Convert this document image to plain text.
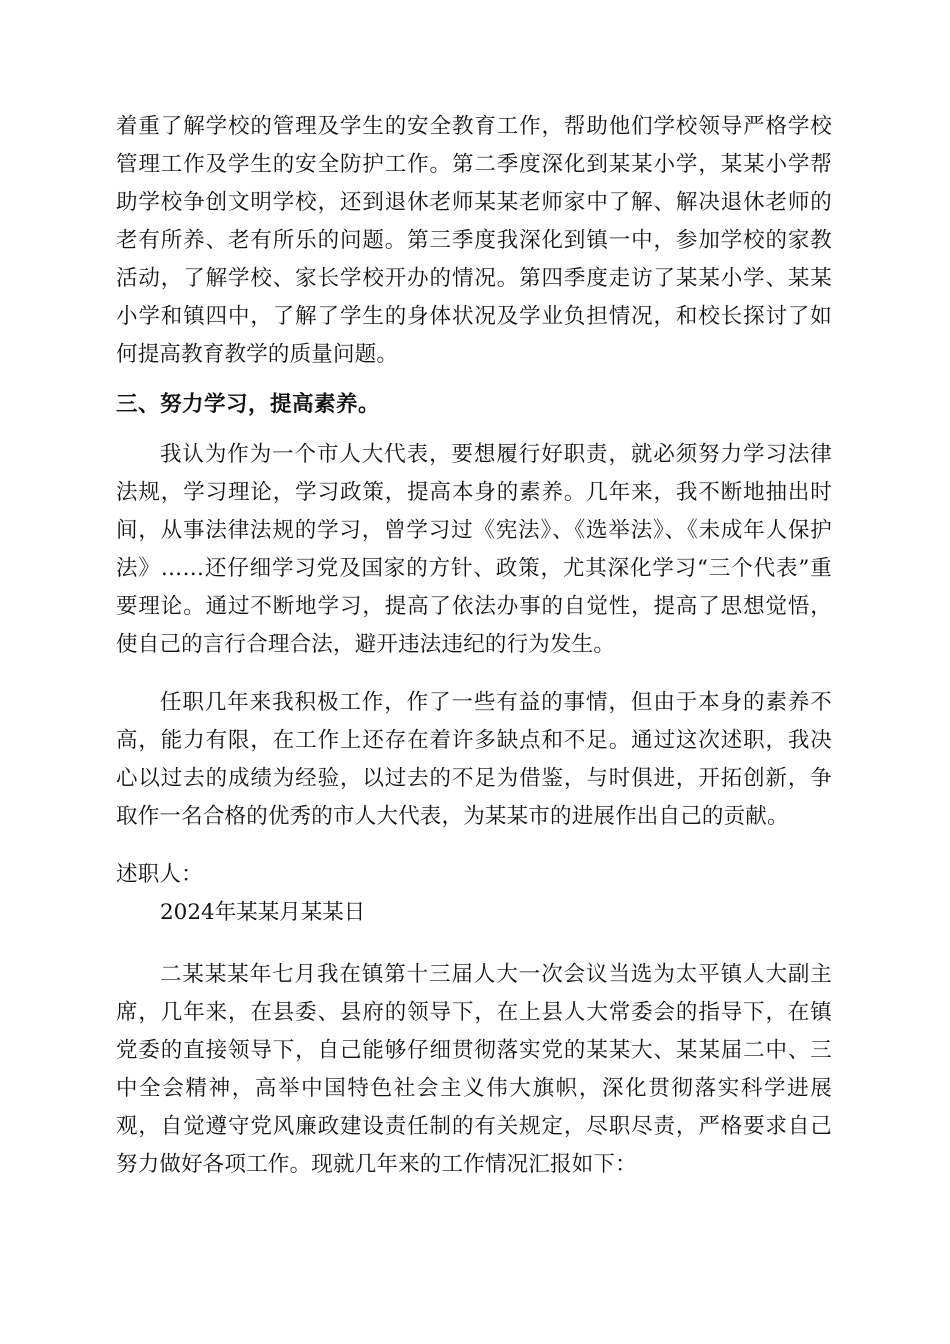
着重了解学校的管理及学生的安全教育工作，帮助他们学校领导严格学校管理工作及学生的安全防护工作。第二季度深化到某某小学，某某小学帮助学校争创文明学校，还到退休老师某某老师家中了解、解决退休老师的老有所养、老有所乐的问题。第三季度我深化到镇一中，参加学校的家教活动，了解学校、家长学校开办的情况。第四季度走访了某某小学、某某小学和镇四中，了解了学生的身体状况及学业负担情况，和校长探讨了如何提高教育教学的质量问题。

三、努力学习，提高素养。

我认为作为一个市人大代表，要想履行好职责，就必须努力学习法律法规，学习理论，学习政策，提高本身的素养。几年来，我不断地抽出时间，从事法律法规的学习，曾学习过《宪法》、《选举法》、《未成年人保护法》……还仔细学习党及国家的方针、政策，尤其深化学习“三个代表”重要理论。通过不断地学习，提高了依法办事的自觉性，提高了思想觉悟，使自己的言行合理合法，避开违法违纪的行为发生。

任职几年来我积极工作，作了一些有益的事情，但由于本身的素养不高，能力有限，在工作上还存在着许多缺点和不足。通过这次述职，我决心以过去的成绩为经验，以过去的不足为借鉴，与时俱进，开拓创新，争取作一名合格的优秀的市人大代表，为某某市的进展作出自己的贡献。

述职人：

2024年某某月某某日

二某某某年七月我在镇第十三届人大一次会议当选为太平镇人大副主席，几年来，在县委、县府的领导下，在上县人大常委会的指导下，在镇党委的直接领导下，自己能够仔细贯彻落实党的某某大、某某届二中、三中全会精神，高举中国特色社会主义伟大旗帜，深化贯彻落实科学进展观，自觉遵守党风廉政建设责任制的有关规定，尽职尽责，严格要求自己努力做好各项工作。现就几年来的工作情况汇报如下：
